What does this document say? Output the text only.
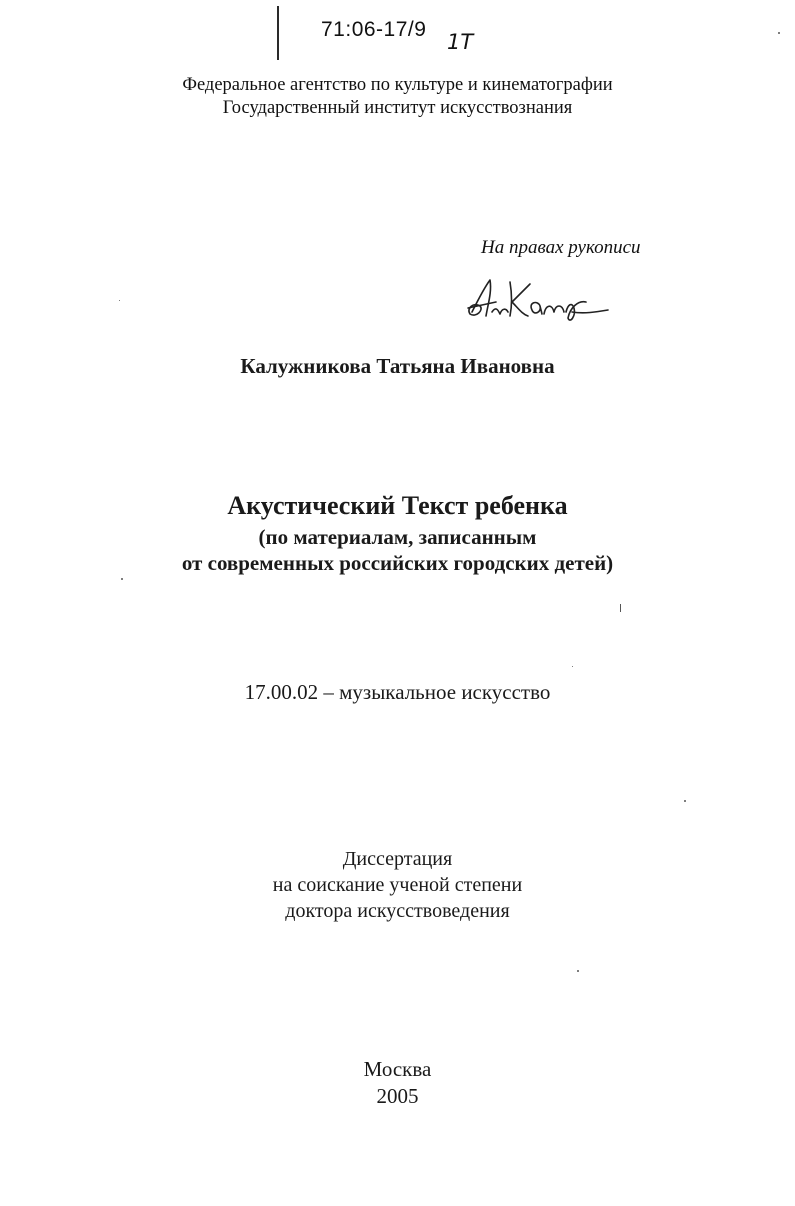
71:06-17/9
1Т
Федеральное агентство по культуре и кинематографии
Государственный институт искусствознания
На правах рукописи
Калужникова Татьяна Ивановна
Акустический Текст ребенка
(по материалам, записанным
от современных российских городских детей)
17.00.02 – музыкальное искусство
Диссертация
на соискание ученой степени
доктора искусствоведения
Москва
2005
